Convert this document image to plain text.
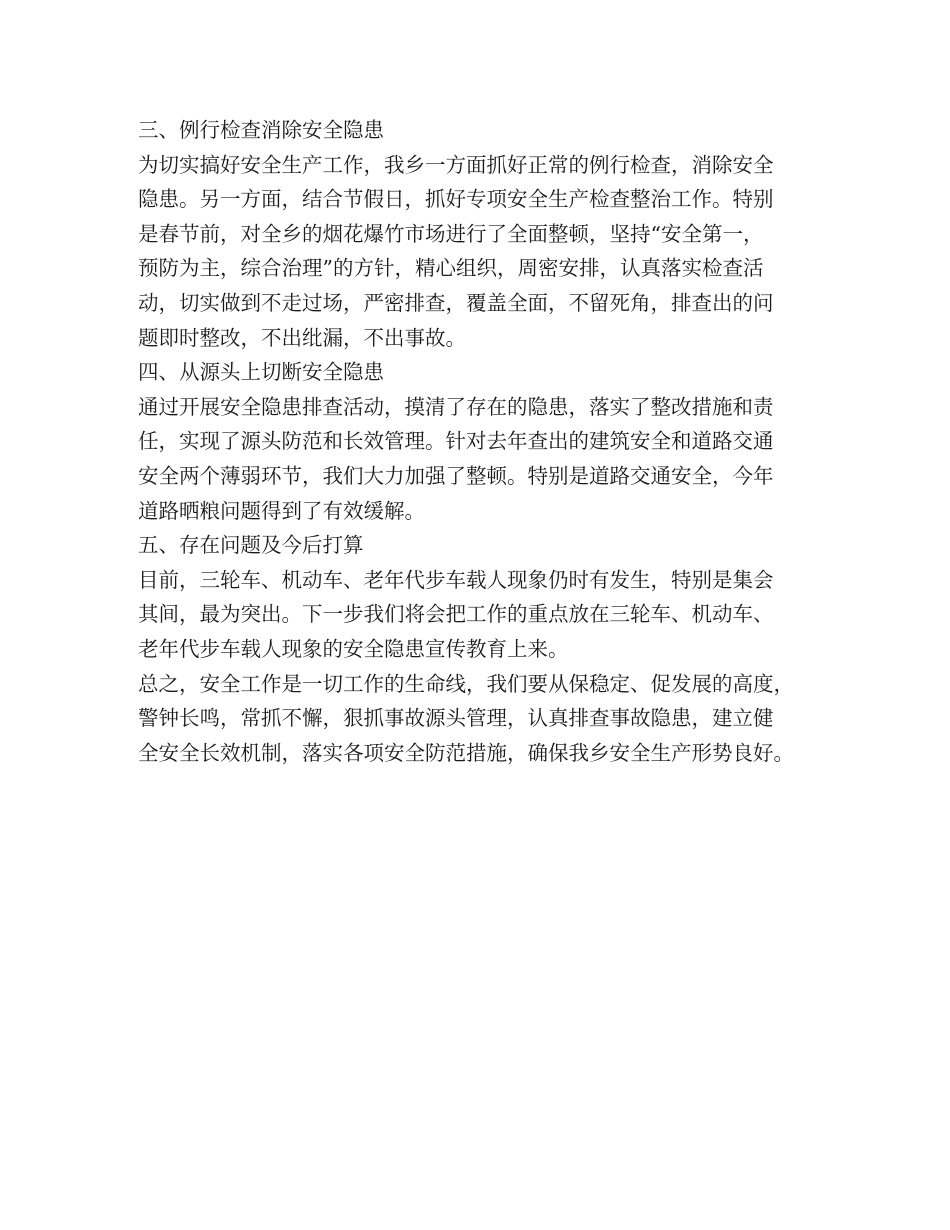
三、例行检查消除安全隐患
为切实搞好安全生产工作，我乡一方面抓好正常的例行检查，消除安全
隐患。另一方面，结合节假日，抓好专项安全生产检查整治工作。特别
是春节前，对全乡的烟花爆竹市场进行了全面整顿，坚持“安全第一，
预防为主，综合治理”的方针，精心组织，周密安排，认真落实检查活
动，切实做到不走过场，严密排查，覆盖全面，不留死角，排查出的问
题即时整改，不出纰漏，不出事故。
四、从源头上切断安全隐患
通过开展安全隐患排查活动，摸清了存在的隐患，落实了整改措施和责
任，实现了源头防范和长效管理。针对去年查出的建筑安全和道路交通
安全两个薄弱环节，我们大力加强了整顿。特别是道路交通安全，今年
道路晒粮问题得到了有效缓解。
五、存在问题及今后打算
目前，三轮车、机动车、老年代步车载人现象仍时有发生，特别是集会
其间，最为突出。下一步我们将会把工作的重点放在三轮车、机动车、
老年代步车载人现象的安全隐患宣传教育上来。
总之，安全工作是一切工作的生命线，我们要从保稳定、促发展的高度，
警钟长鸣，常抓不懈，狠抓事故源头管理，认真排查事故隐患，建立健
全安全长效机制，落实各项安全防范措施，确保我乡安全生产形势良好。
